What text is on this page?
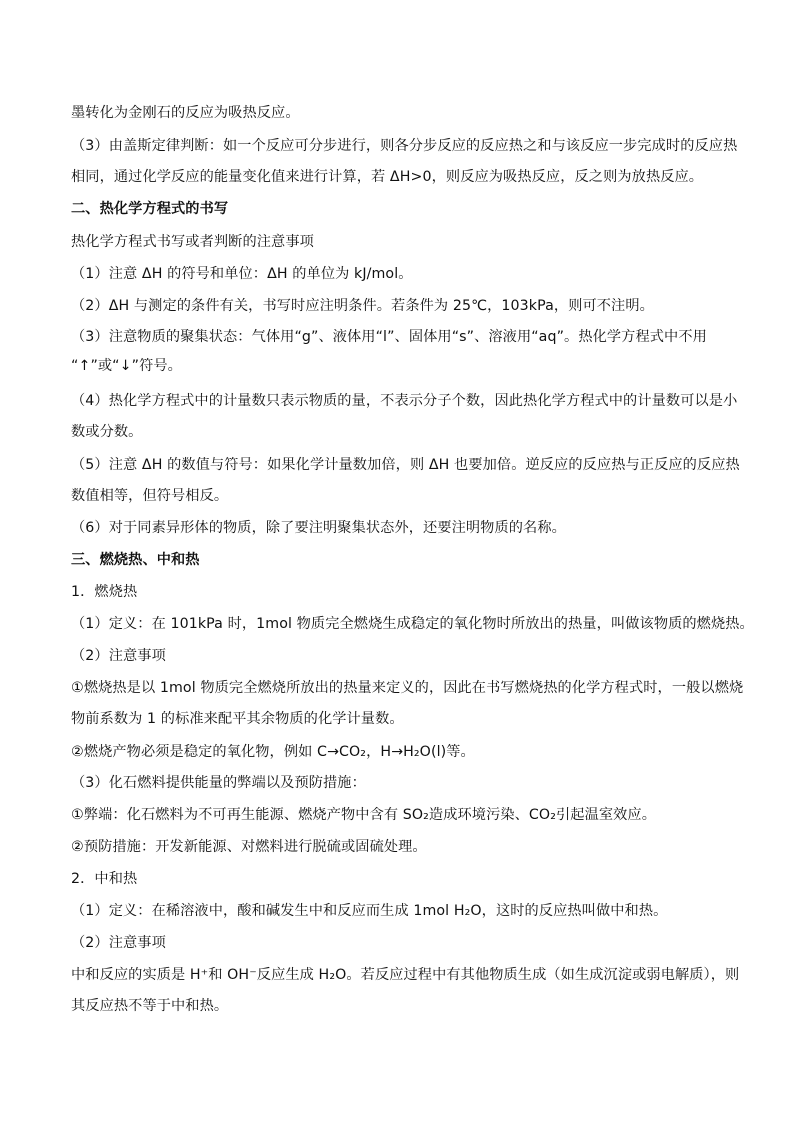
墨转化为金刚石的反应为吸热反应。
（3）由盖斯定律判断：如一个反应可分步进行，则各分步反应的反应热之和与该反应一步完成时的反应热
相同，通过化学反应的能量变化值来进行计算，若 ΔH>0，则反应为吸热反应，反之则为放热反应。
二、热化学方程式的书写
热化学方程式书写或者判断的注意事项
（1）注意 ΔH 的符号和单位：ΔH 的单位为 kJ/mol。
（2）ΔH 与测定的条件有关，书写时应注明条件。若条件为 25℃，103kPa，则可不注明。
（3）注意物质的聚集状态：气体用“g”、液体用“l”、固体用“s”、溶液用“aq”。热化学方程式中不用
“↑”或“↓”符号。
（4）热化学方程式中的计量数只表示物质的量，不表示分子个数，因此热化学方程式中的计量数可以是小
数或分数。
（5）注意 ΔH 的数值与符号：如果化学计量数加倍，则 ΔH 也要加倍。逆反应的反应热与正反应的反应热
数值相等，但符号相反。
（6）对于同素异形体的物质，除了要注明聚集状态外，还要注明物质的名称。
三、燃烧热、中和热
1．燃烧热
（1）定义：在 101kPa 时，1mol 物质完全燃烧生成稳定的氧化物时所放出的热量，叫做该物质的燃烧热。
（2）注意事项
①燃烧热是以 1mol 物质完全燃烧所放出的热量来定义的，因此在书写燃烧热的化学方程式时，一般以燃烧
物前系数为 1 的标准来配平其余物质的化学计量数。
②燃烧产物必须是稳定的氧化物，例如 C→CO₂，H→H₂O(l)等。
（3）化石燃料提供能量的弊端以及预防措施：
①弊端：化石燃料为不可再生能源、燃烧产物中含有 SO₂造成环境污染、CO₂引起温室效应。
②预防措施：开发新能源、对燃料进行脱硫或固硫处理。
2．中和热
（1）定义：在稀溶液中，酸和碱发生中和反应而生成 1mol H₂O，这时的反应热叫做中和热。
（2）注意事项
中和反应的实质是 H⁺和 OH⁻反应生成 H₂O。若反应过程中有其他物质生成（如生成沉淀或弱电解质），则
其反应热不等于中和热。
